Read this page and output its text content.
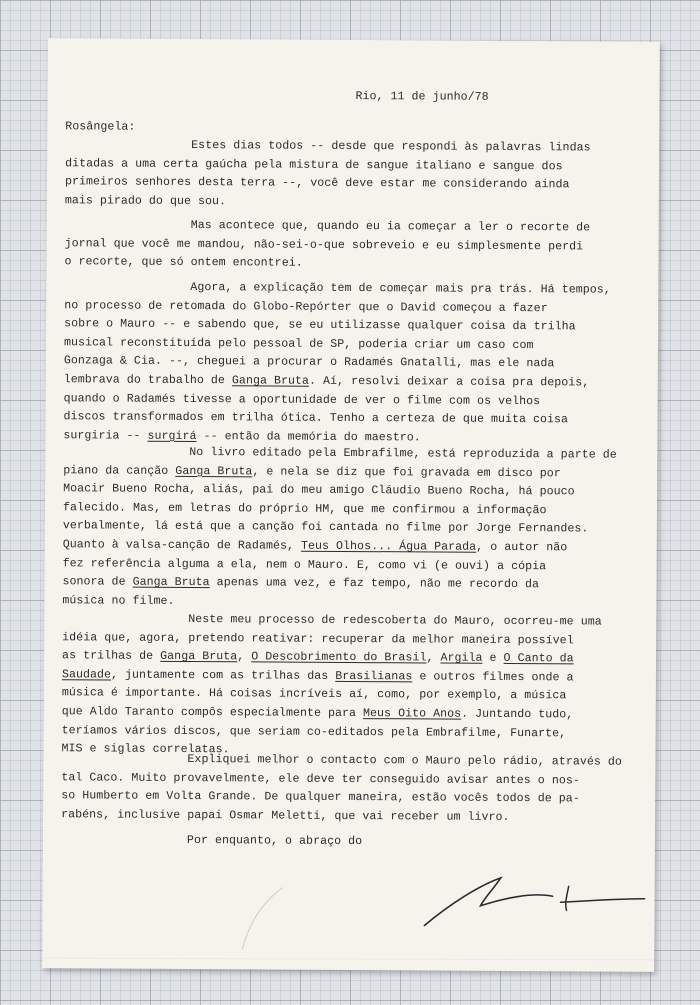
Rio, 11 de junho/78
Rosângela:
Estes dias todos -- desde que respondi às palavras lindas
ditadas a uma certa gaúcha pela mistura de sangue italiano e sangue dos
primeiros senhores desta terra --, você deve estar me considerando ainda
mais pirado do que sou.
Mas acontece que, quando eu ia começar a ler o recorte de
jornal que você me mandou, não-sei-o-que sobreveio e eu simplesmente perdi
o recorte, que só ontem encontrei.
Agora, a explicação tem de começar mais pra trás. Há tempos,
no processo de retomada do Globo-Repórter que o David começou a fazer
sobre o Mauro -- e sabendo que, se eu utilizasse qualquer coisa da trilha
musical reconstituída pelo pessoal de SP, poderia criar um caso com
Gonzaga & Cia. --, cheguei a procurar o Radamés Gnatalli, mas ele nada
lembrava do trabalho de Ganga Bruta. Aí, resolvi deixar a coisa pra depois,
quando o Radamés tivesse a oportunidade de ver o filme com os velhos
discos transformados em trilha ótica. Tenho a certeza de que muita coisa
surgiria -- surgirá -- então da memória do maestro.
No livro editado pela Embrafilme, está reproduzida a parte de
piano da canção Ganga Bruta, e nela se diz que foi gravada em disco por
Moacir Bueno Rocha, aliás, pai do meu amigo Cláudio Bueno Rocha, há pouco
falecido. Mas, em letras do próprio HM, que me confirmou a informação
verbalmente, lá está que a canção foi cantada no filme por Jorge Fernandes.
Quanto à valsa-canção de Radamés, Teus Olhos... Água Parada, o autor não
fez referência alguma a ela, nem o Mauro. E, como vi (e ouvi) a cópia
sonora de Ganga Bruta apenas uma vez, e faz tempo, não me recordo da
música no filme.
Neste meu processo de redescoberta do Mauro, ocorreu-me uma
idéia que, agora, pretendo reativar: recuperar da melhor maneira possível
as trilhas de Ganga Bruta, O Descobrimento do Brasil, Argila e O Canto da
Saudade, juntamente com as trilhas das Brasilianas e outros filmes onde a
música é importante. Há coisas incríveis aí, como, por exemplo, a música
que Aldo Taranto compôs especialmente para Meus Oito Anos. Juntando tudo,
teríamos vários discos, que seriam co-editados pela Embrafilme, Funarte,
MIS e siglas correlatas.
Expliquei melhor o contacto com o Mauro pelo rádio, através do
tal Caco. Muito provavelmente, ele deve ter conseguido avisar antes o nos-
so Humberto em Volta Grande. De qualquer maneira, estão vocês todos de pa-
rabéns, inclusive papai Osmar Meletti, que vai receber um livro.
Por enquanto, o abraço do
